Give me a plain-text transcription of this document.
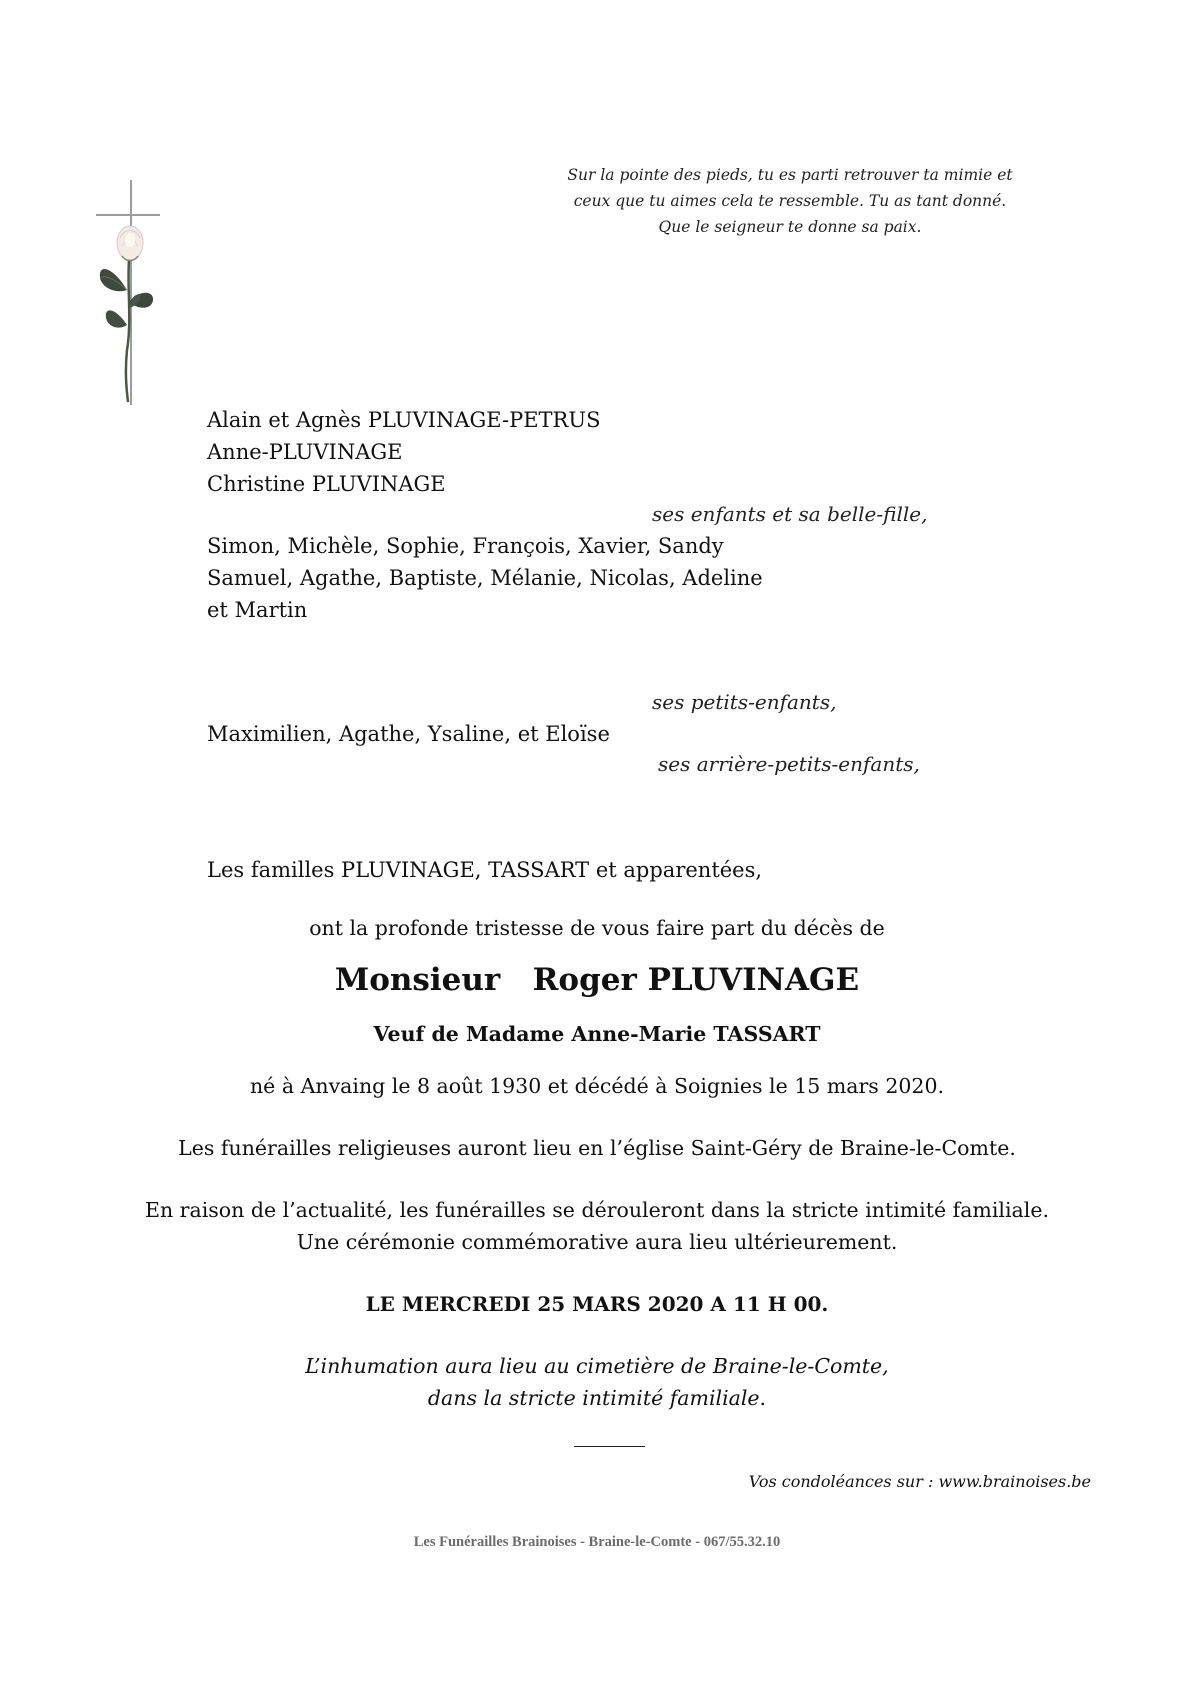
Sur la pointe des pieds, tu es parti retrouver ta mimie et
ceux que tu aimes cela te ressemble. Tu as tant donné.
Que le seigneur te donne sa paix.
Alain et Agnès PLUVINAGE-PETRUS
Anne-PLUVINAGE
Christine PLUVINAGE
ses enfants et sa belle-fille,
Simon, Michèle, Sophie, François, Xavier, Sandy
Samuel, Agathe, Baptiste, Mélanie, Nicolas, Adeline
et Martin
ses petits-enfants,
Maximilien, Agathe, Ysaline, et Eloïse
ses arrière-petits-enfants,
Les familles PLUVINAGE, TASSART et apparentées,
ont la profonde tristesse de vous faire part du décès de
Monsieur Roger PLUVINAGE
Veuf de Madame Anne-Marie TASSART
né à Anvaing le 8 août 1930 et décédé à Soignies le 15 mars 2020.
Les funérailles religieuses auront lieu en l’église Saint-Géry de Braine-le-Comte.
En raison de l’actualité, les funérailles se dérouleront dans la stricte intimité familiale.
Une cérémonie commémorative aura lieu ultérieurement.
LE MERCREDI 25 MARS 2020 A 11 H 00.
L’inhumation aura lieu au cimetière de Braine-le-Comte,
dans la stricte intimité familiale.
Vos condoléances sur : www.brainoises.be
Les Funérailles Brainoises - Braine-le-Comte - 067/55.32.10
